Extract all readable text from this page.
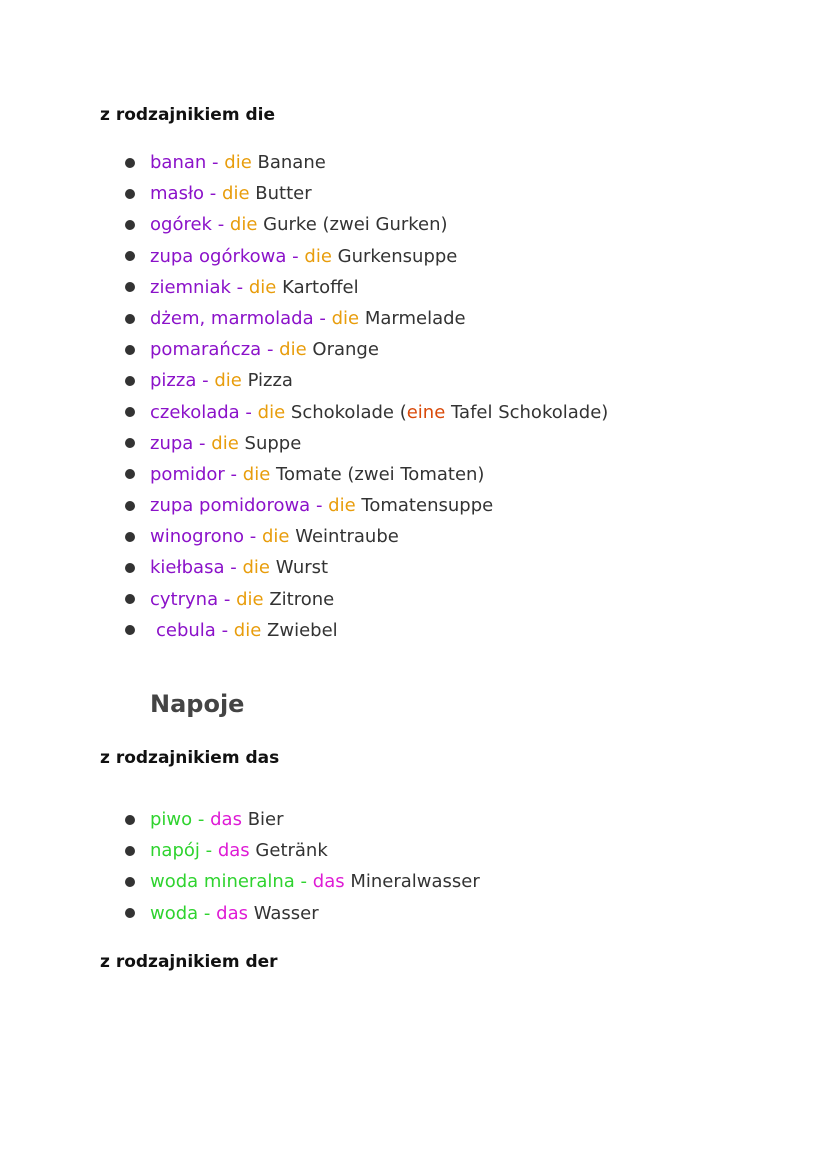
z rodzajnikiem die
banan - die Banane
masło - die Butter
ogórek - die Gurke (zwei Gurken)
zupa ogórkowa - die Gurkensuppe
ziemniak - die Kartoffel
dżem, marmolada - die Marmelade
pomarańcza - die Orange
pizza - die Pizza
czekolada - die Schokolade (eine Tafel Schokolade)
zupa - die Suppe
pomidor - die Tomate (zwei Tomaten)
zupa pomidorowa - die Tomatensuppe
winogrono - die Weintraube
kiełbasa - die Wurst
cytryna - die Zitrone
cebula - die Zwiebel
Napoje
z rodzajnikiem das
piwo - das Bier
napój - das Getränk
woda mineralna - das Mineralwasser
woda - das Wasser
z rodzajnikiem der
